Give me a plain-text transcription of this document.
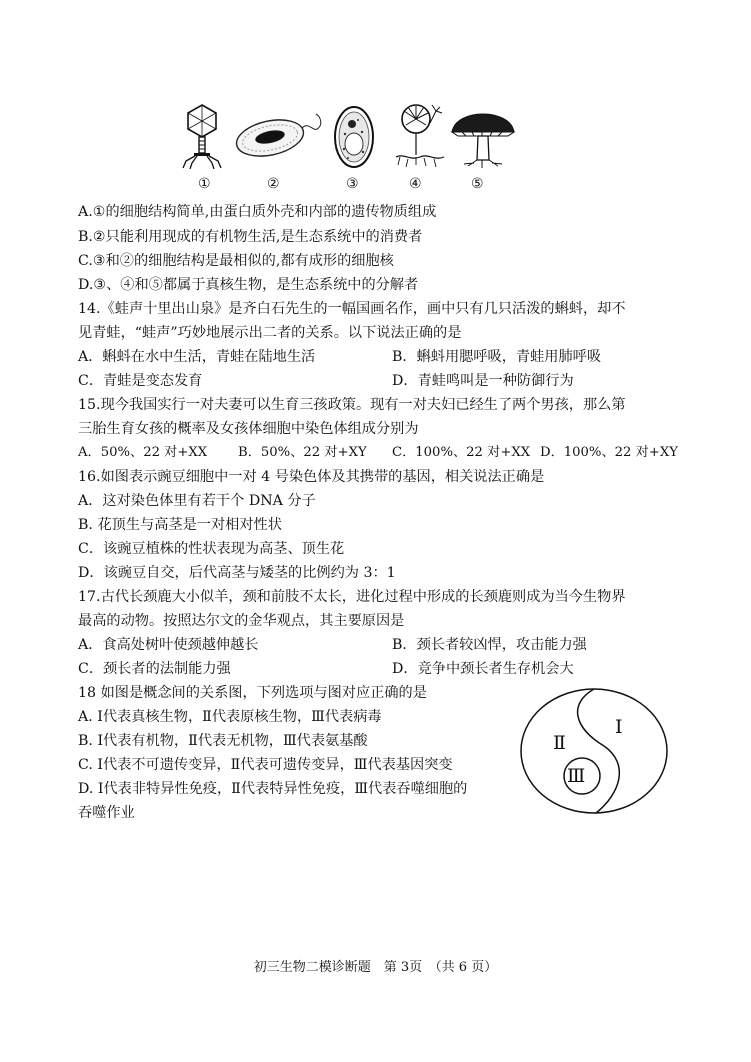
①	②	③	④	⑤
A.①的细胞结构简单,由蛋白质外壳和内部的遗传物质组成
B.②只能利用现成的有机物生活,是生态系统中的消费者
C.③和②的细胞结构是最相似的,都有成形的细胞核
D.③、④和⑤都属于真核生物，是生态系统中的分解者
14.《蛙声十里出山泉》是齐白石先生的一幅国画名作，画中只有几只活泼的蝌蚪，却不
见青蛙，“蛙声”巧妙地展示出二者的关系。以下说法正确的是
A．蝌蚪在水中生活，青蛙在陆地生活	B．蝌蚪用腮呼吸，青蛙用肺呼吸
C．青蛙是变态发育	D．青蛙鸣叫是一种防御行为
15.现今我国实行一对夫妻可以生育三孩政策。现有一对夫妇已经生了两个男孩，那么第
三胎生育女孩的概率及女孩体细胞中染色体组成分别为
A．50%、22 对+XX B．50%、22 对+XY C．100%、22 对+XX D．100%、22 对+XY
16.如图表示豌豆细胞中一对 4 号染色体及其携带的基因，相关说法正确是
A．这对染色体里有若干个 DNA 分子
B. 花顶生与高茎是一对相对性状
C．该豌豆植株的性状表现为高茎、顶生花
D．该豌豆自交，后代高茎与矮茎的比例约为 3：1
17.古代长颈鹿大小似羊，颈和前肢不太长，进化过程中形成的长颈鹿则成为当今生物界
最高的动物。按照达尔文的金华观点，其主要原因是
A．食高处树叶使颈越伸越长	B．颈长者较凶悍，攻击能力强
C．颈长者的法制能力强	D．竞争中颈长者生存机会大
18 如图是概念间的关系图，下列选项与图对应正确的是
A. Ⅰ代表真核生物，Ⅱ代表原核生物，Ⅲ代表病毒
B. Ⅰ代表有机物，Ⅱ代表无机物，Ⅲ代表氨基酸
C. Ⅰ代表不可遗传变异，Ⅱ代表可遗传变异，Ⅲ代表基因突变
D. Ⅰ代表非特异性免疫，Ⅱ代表特异性免疫，Ⅲ代表吞噬细胞的
吞噬作业
Ⅱ
Ⅰ
Ⅲ
初三生物二模诊断题　第 3页　（共 6 页）
